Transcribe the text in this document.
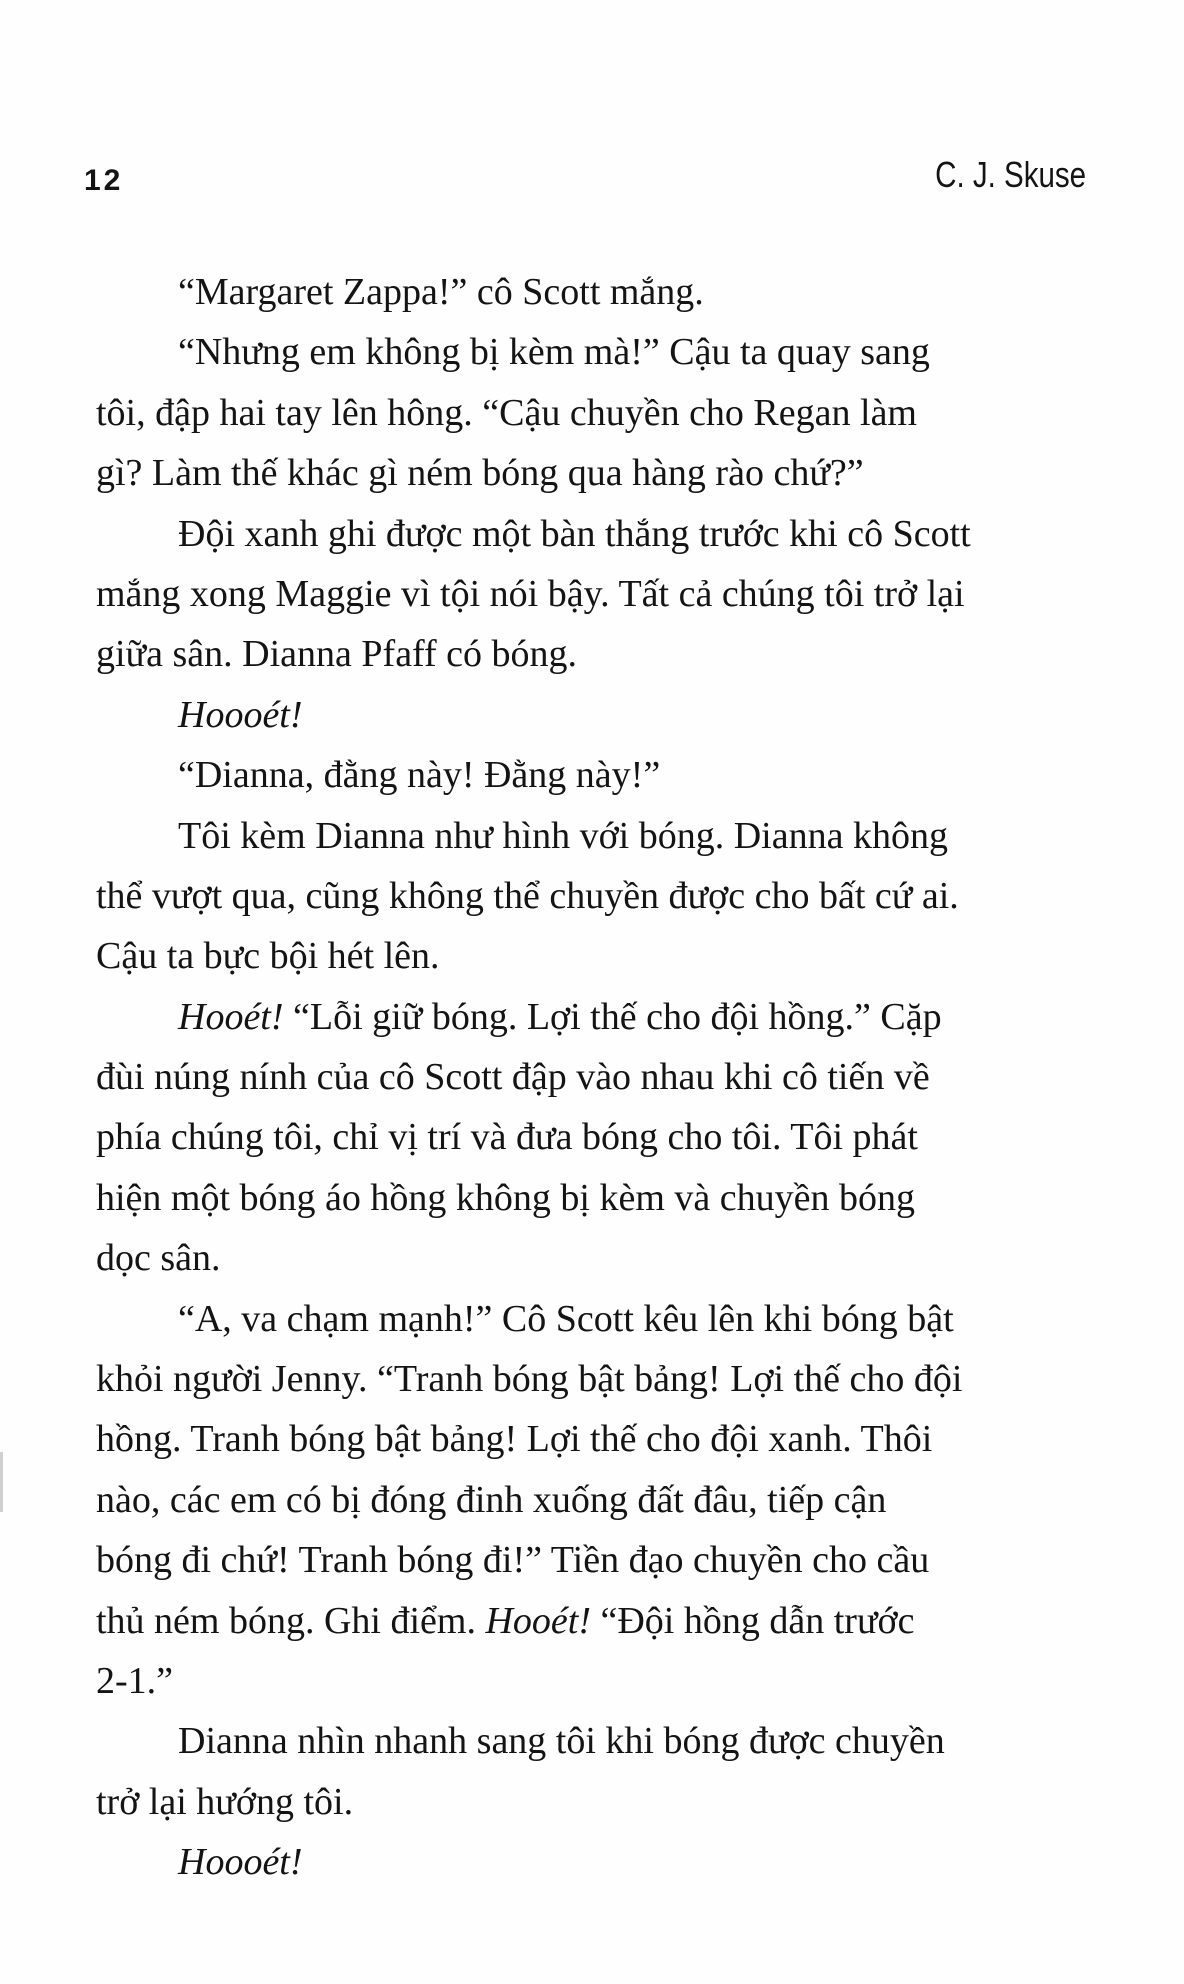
12	C. J. Skuse
“Margaret Zappa!” cô Scott mắng.
“Nhưng em không bị kèm mà!” Cậu ta quay sang
tôi, đập hai tay lên hông. “Cậu chuyền cho Regan làm
gì? Làm thế khác gì ném bóng qua hàng rào chứ?”
Đội xanh ghi được một bàn thắng trước khi cô Scott
mắng xong Maggie vì tội nói bậy. Tất cả chúng tôi trở lại
giữa sân. Dianna Pfaff có bóng.
Hoooét!
“Dianna, đằng này! Đằng này!”
Tôi kèm Dianna như hình với bóng. Dianna không
thể vượt qua, cũng không thể chuyền được cho bất cứ ai.
Cậu ta bực bội hét lên.
Hooét! “Lỗi giữ bóng. Lợi thế cho đội hồng.” Cặp
đùi núng nính của cô Scott đập vào nhau khi cô tiến về
phía chúng tôi, chỉ vị trí và đưa bóng cho tôi. Tôi phát
hiện một bóng áo hồng không bị kèm và chuyền bóng
dọc sân.
“A, va chạm mạnh!” Cô Scott kêu lên khi bóng bật
khỏi người Jenny. “Tranh bóng bật bảng! Lợi thế cho đội
hồng. Tranh bóng bật bảng! Lợi thế cho đội xanh. Thôi
nào, các em có bị đóng đinh xuống đất đâu, tiếp cận
bóng đi chứ! Tranh bóng đi!” Tiền đạo chuyền cho cầu
thủ ném bóng. Ghi điểm. Hooét! “Đội hồng dẫn trước
2-1.”
Dianna nhìn nhanh sang tôi khi bóng được chuyền
trở lại hướng tôi.
Hoooét!
